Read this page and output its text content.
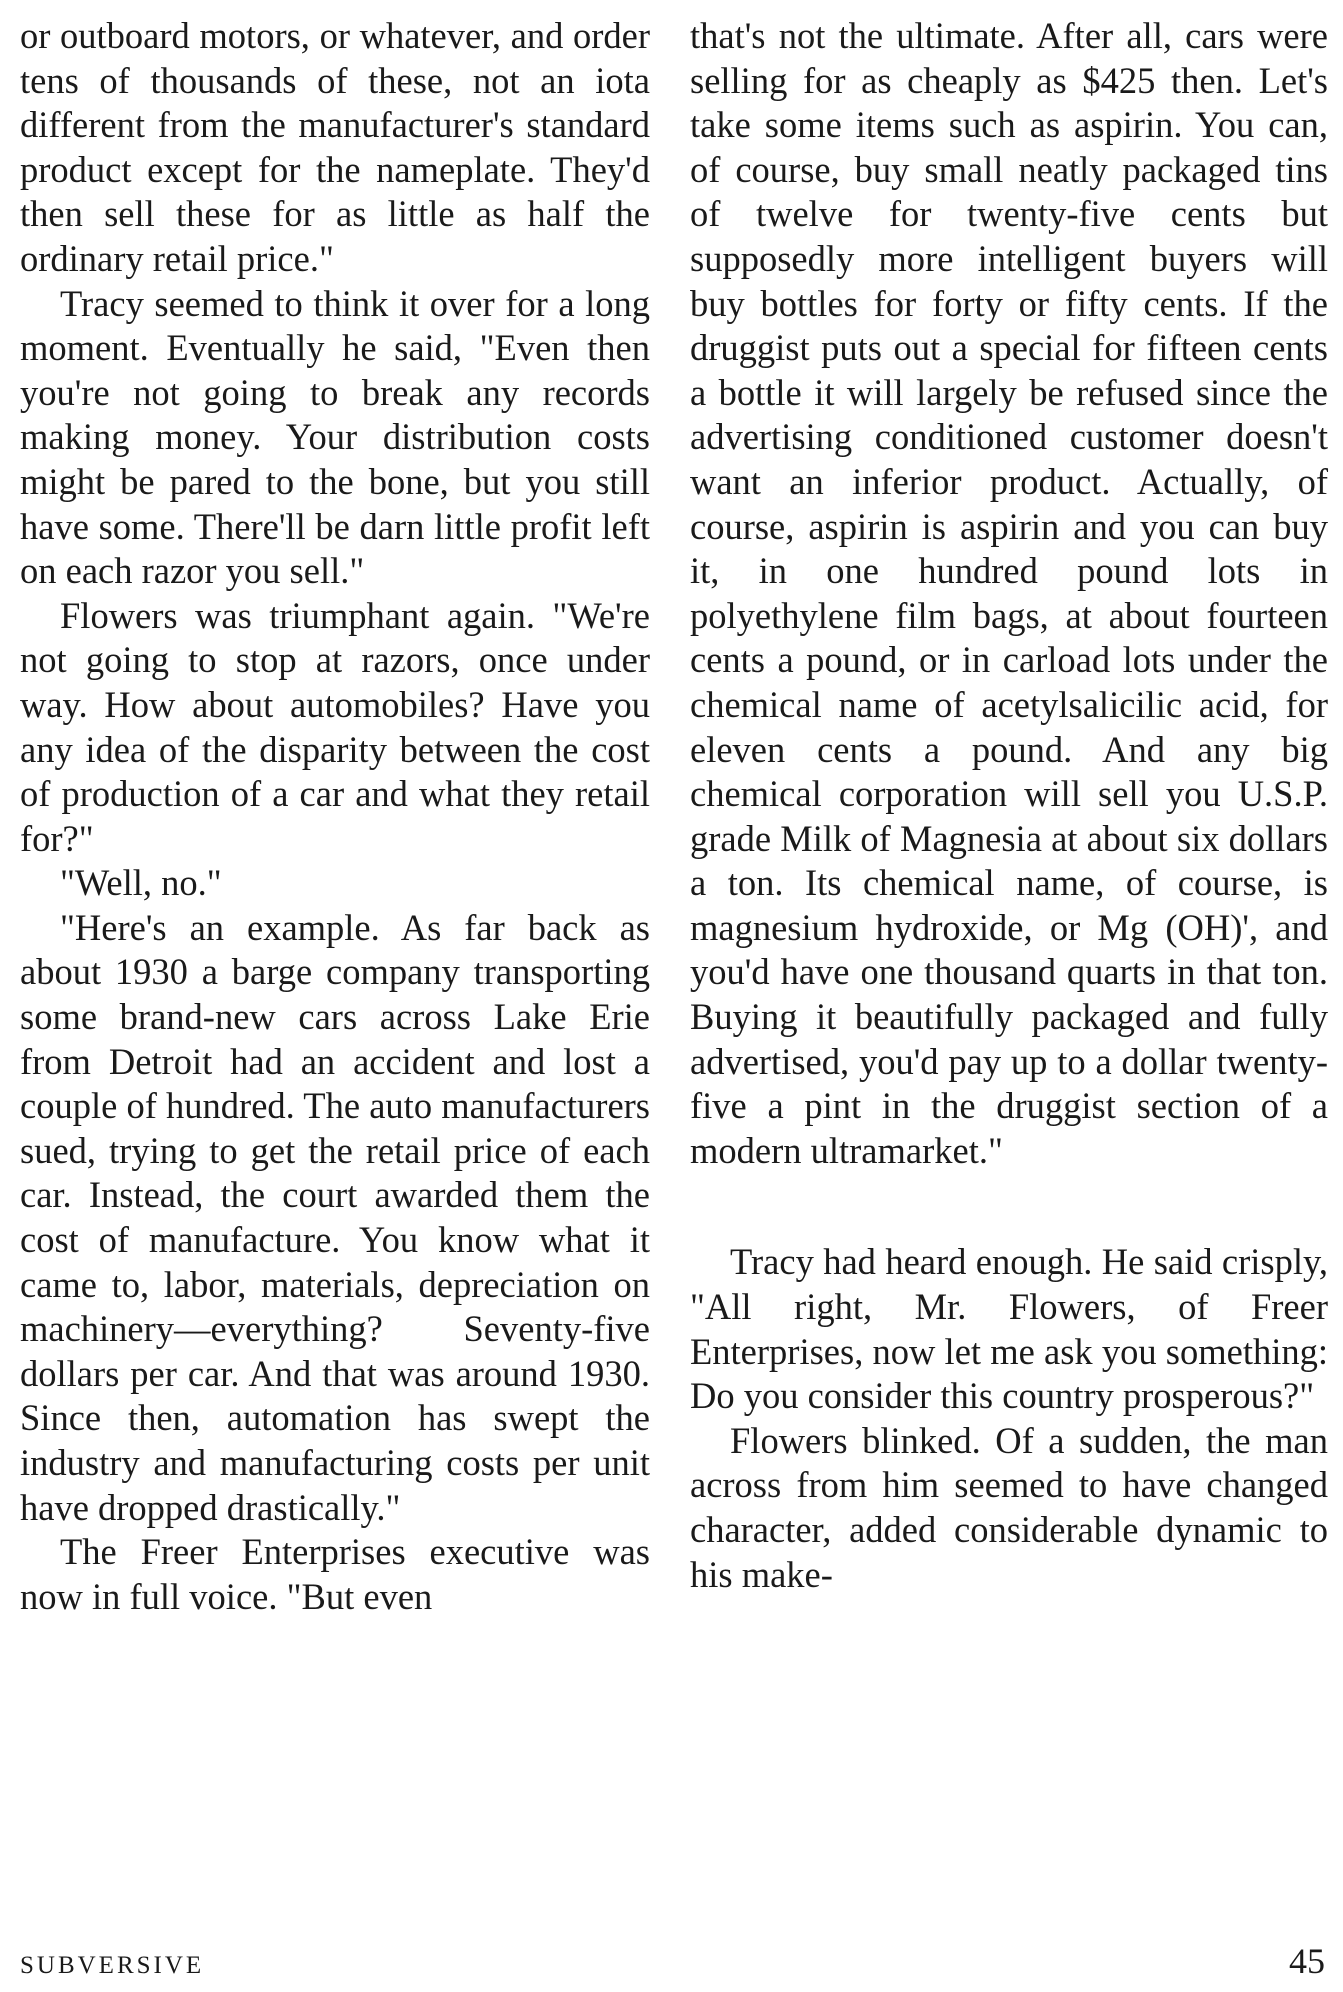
or outboard motors, or whatever, and order tens of thousands of these, not an iota different from the manufacturer's standard product except for the nameplate. They'd then sell these for as little as half the ordinary retail price."

Tracy seemed to think it over for a long moment. Eventually he said, "Even then you're not going to break any records making money. Your distribution costs might be pared to the bone, but you still have some. There'll be darn little profit left on each razor you sell."

Flowers was triumphant again. "We're not going to stop at razors, once under way. How about automobiles? Have you any idea of the disparity between the cost of production of a car and what they retail for?"

"Well, no."

"Here's an example. As far back as about 1930 a barge company transporting some brand-new cars across Lake Erie from Detroit had an accident and lost a couple of hundred. The auto manufacturers sued, trying to get the retail price of each car. Instead, the court awarded them the cost of manufacture. You know what it came to, labor, materials, depreciation on machinery—everything? Seventy-five dollars per car. And that was around 1930. Since then, automation has swept the industry and manufacturing costs per unit have dropped drastically."

The Freer Enterprises executive was now in full voice. "But even

that's not the ultimate. After all, cars were selling for as cheaply as $425 then. Let's take some items such as aspirin. You can, of course, buy small neatly packaged tins of twelve for twenty-five cents but supposedly more intelligent buyers will buy bottles for forty or fifty cents. If the druggist puts out a special for fifteen cents a bottle it will largely be refused since the advertising conditioned customer doesn't want an inferior product. Actually, of course, aspirin is aspirin and you can buy it, in one hundred pound lots in polyethylene film bags, at about fourteen cents a pound, or in carload lots under the chemical name of acetylsalicilic acid, for eleven cents a pound. And any big chemical corporation will sell you U.S.P. grade Milk of Magnesia at about six dollars a ton. Its chemical name, of course, is magnesium hydroxide, or Mg (OH)', and you'd have one thousand quarts in that ton. Buying it beautifully packaged and fully advertised, you'd pay up to a dollar twenty-five a pint in the druggist section of a modern ultramarket."

Tracy had heard enough. He said crisply, "All right, Mr. Flowers, of Freer Enterprises, now let me ask you something: Do you consider this country prosperous?"

Flowers blinked. Of a sudden, the man across from him seemed to have changed character, added considerable dynamic to his make-

SUBVERSIVE	45
